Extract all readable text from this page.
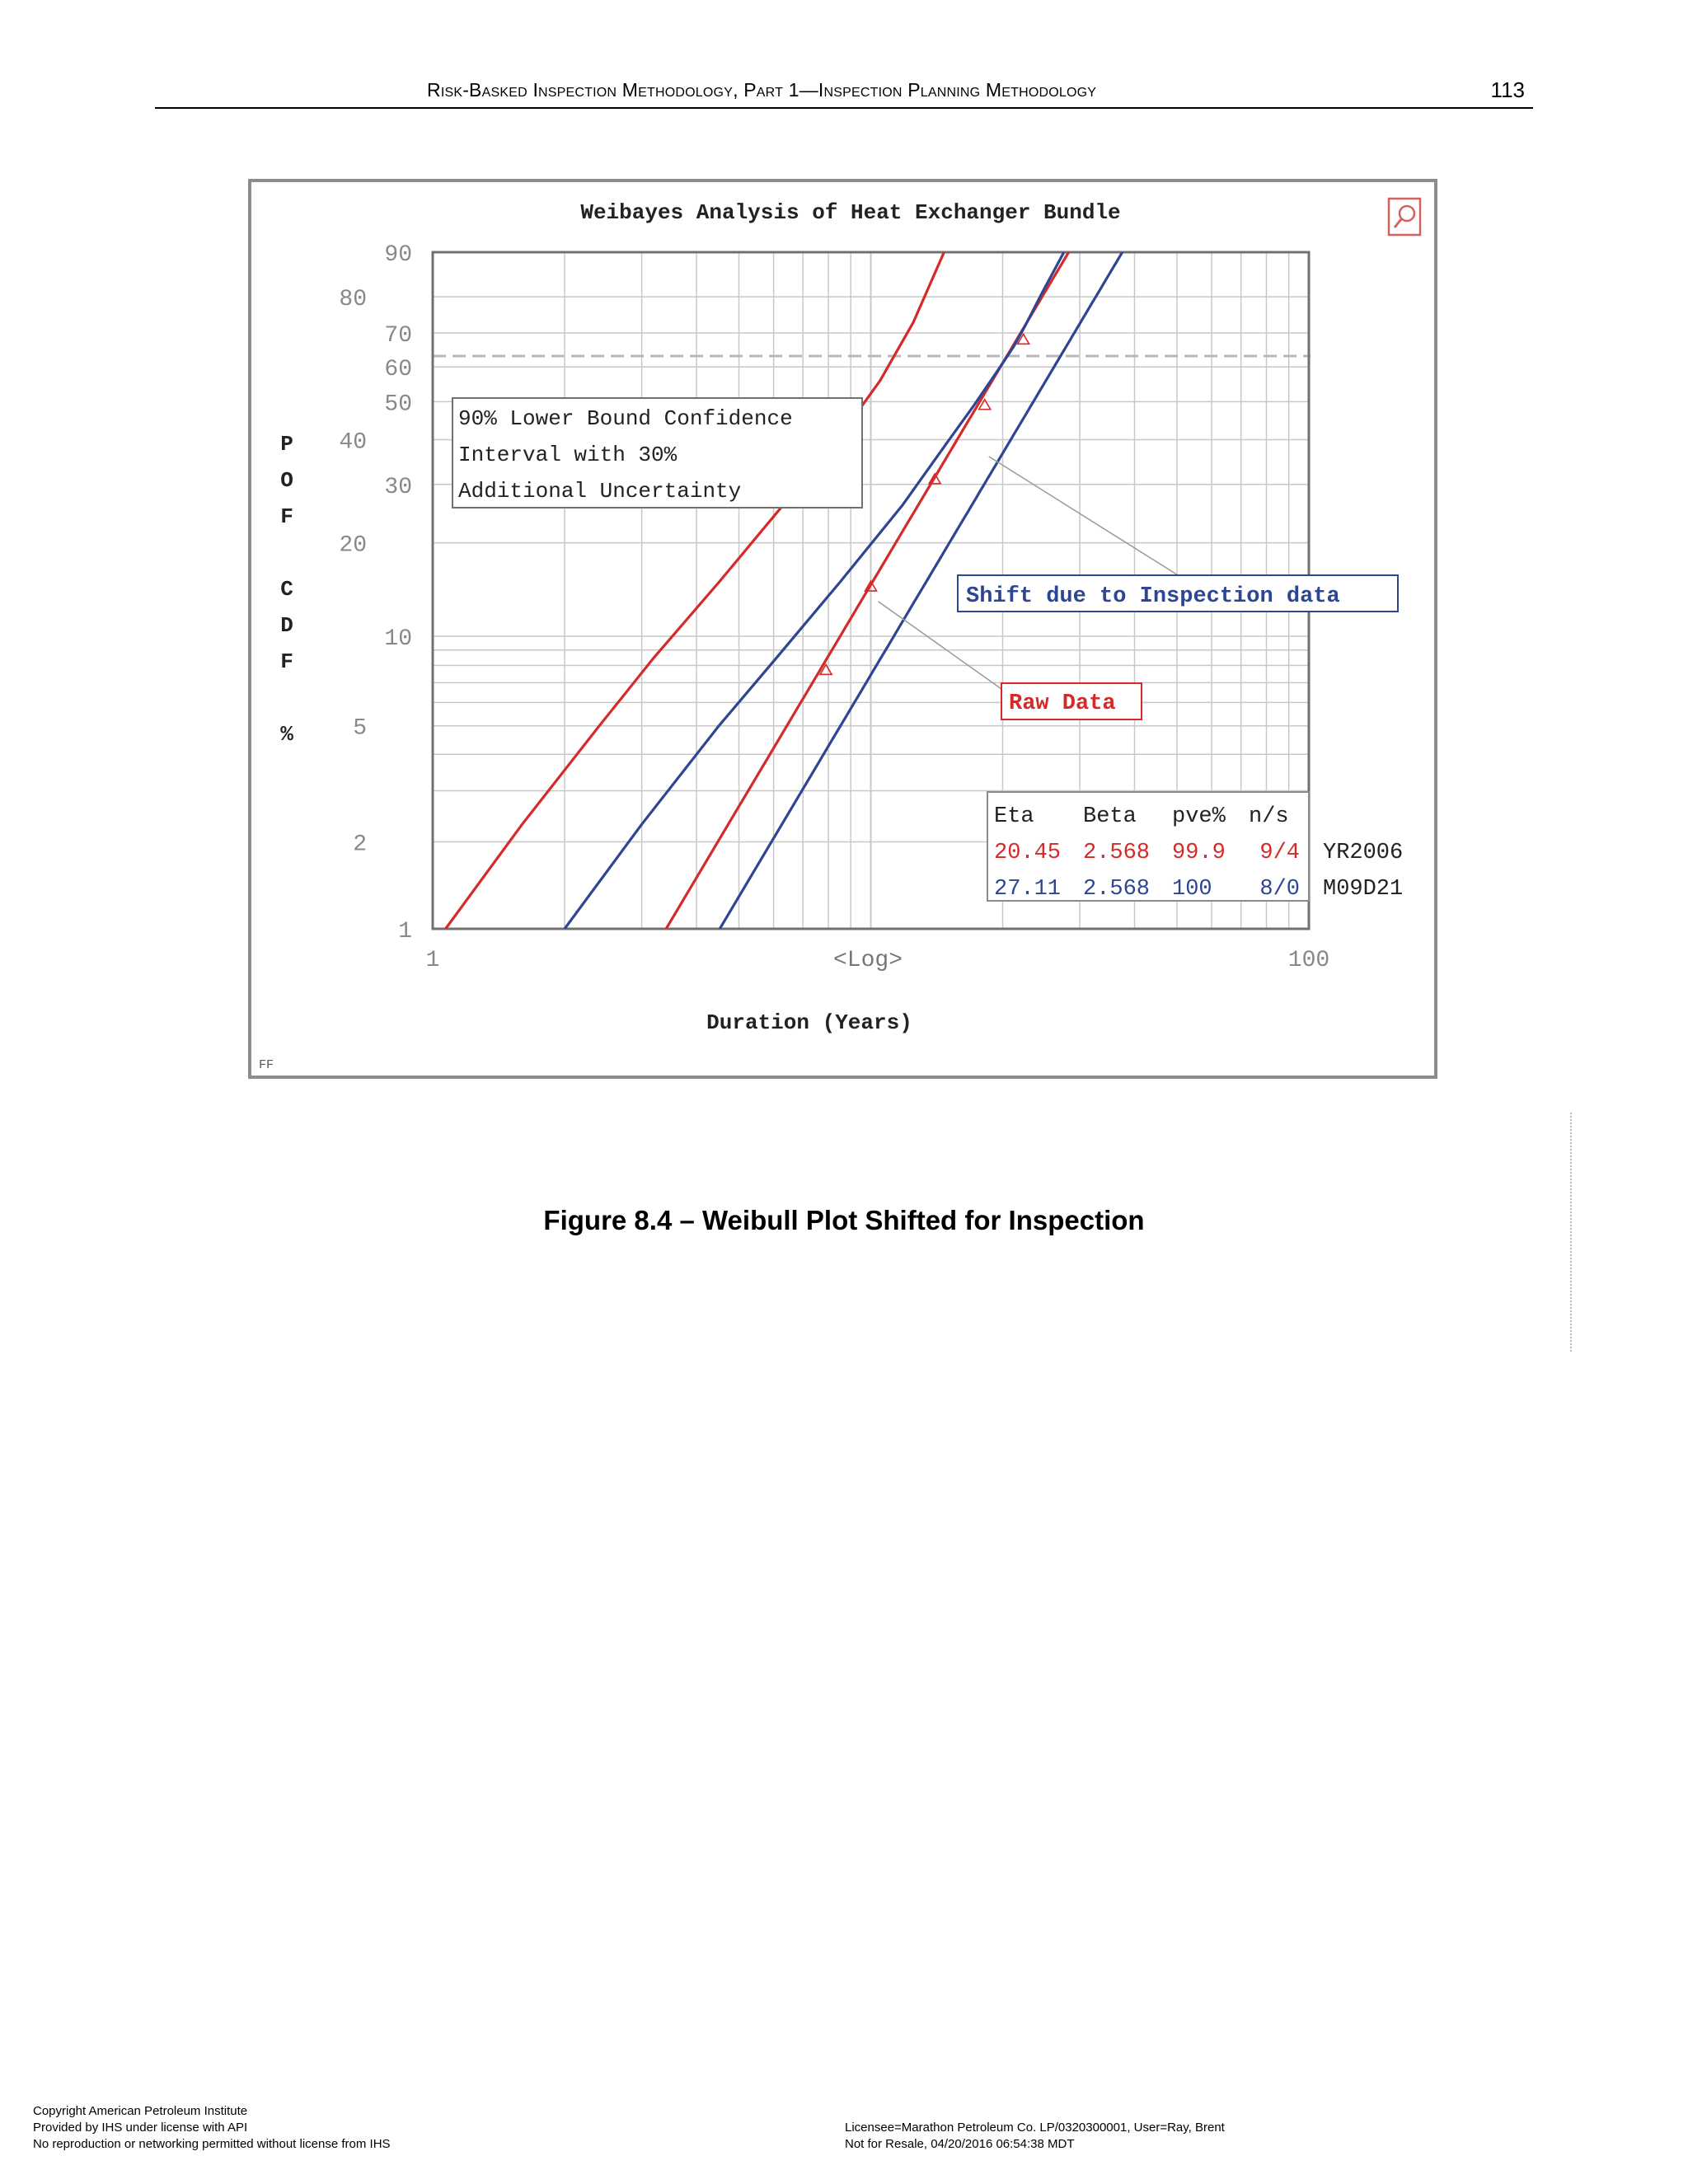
Risk-Basked Inspection Methodology, Part 1—Inspection Planning Methodology	113
90
80
70
60
50
40
30
20
10
5
2
1
1	100
P
O
F
C
D
F
%
90% Lower Bound Confidence
Interval with 30%
Additional Uncertainty
Shift due to Inspection data
Raw Data
Eta Beta pve% n/s
20.45 2.568 99.9 9/4 YR2006
27.11 2.568 100 8/0 M09D21
Weibayes Analysis of Heat Exchanger Bundle
<Log>
Duration (Years)
FF
Figure 8.4 – Weibull Plot Shifted for Inspection
Copyright American Petroleum Institute
Provided by IHS under license with API
No reproduction or networking permitted without license from IHS
Licensee=Marathon Petroleum Co. LP/0320300001, User=Ray, Brent
Not for Resale, 04/20/2016 06:54:38 MDT
